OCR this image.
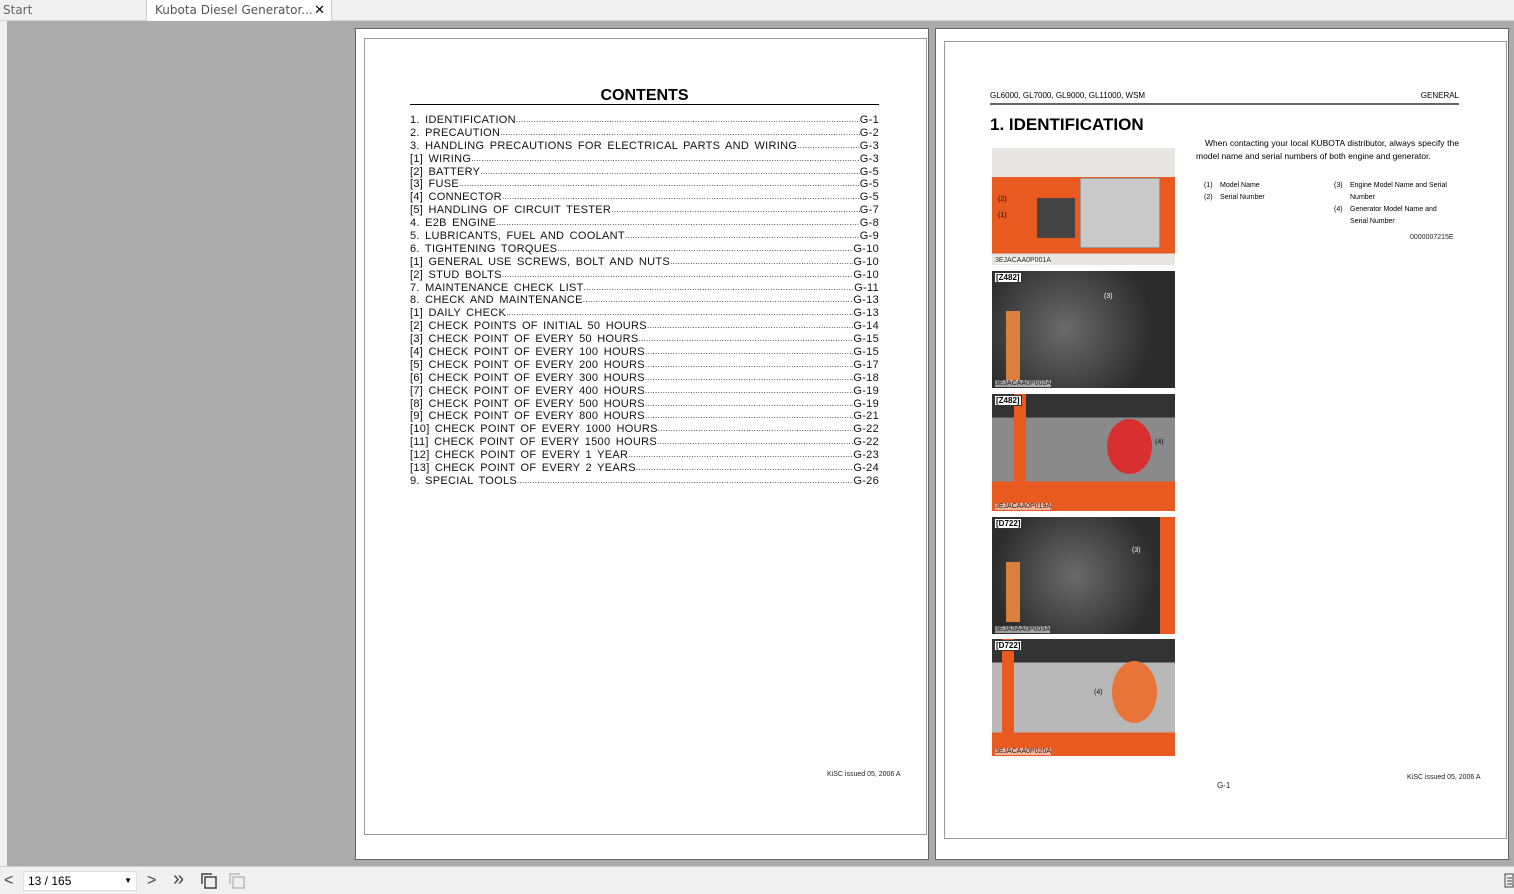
Start	Kubota Diesel Generator... ✕
CONTENTS
1. IDENTIFICATION .....	G-1
2. PRECAUTION .....	G-2
3. HANDLING PRECAUTIONS FOR ELECTRICAL PARTS AND WIRING .....	G-3
[1] WIRING .....	G-3
[2] BATTERY .....	G-5
[3] FUSE .....	G-5
[4] CONNECTOR .....	G-5
[5] HANDLING OF CIRCUIT TESTER .....	G-7
4. E2B ENGINE .....	G-8
5. LUBRICANTS, FUEL AND COOLANT .....	G-9
6. TIGHTENING TORQUES .....	G-10
[1] GENERAL USE SCREWS, BOLT AND NUTS .....	G-10
[2] STUD BOLTS .....	G-10
7. MAINTENANCE CHECK LIST .....	G-11
8. CHECK AND MAINTENANCE .....	G-13
[1] DAILY CHECK .....	G-13
[2] CHECK POINTS OF INITIAL 50 HOURS .....	G-14
[3] CHECK POINT OF EVERY 50 HOURS .....	G-15
[4] CHECK POINT OF EVERY 100 HOURS .....	G-15
[5] CHECK POINT OF EVERY 200 HOURS .....	G-17
[6] CHECK POINT OF EVERY 300 HOURS .....	G-18
[7] CHECK POINT OF EVERY 400 HOURS .....	G-19
[8] CHECK POINT OF EVERY 500 HOURS .....	G-19
[9] CHECK POINT OF EVERY 800 HOURS .....	G-21
[10] CHECK POINT OF EVERY 1000 HOURS .....	G-22
[11] CHECK POINT OF EVERY 1500 HOURS .....	G-22
[12] CHECK POINT OF EVERY 1 YEAR .....	G-23
[13] CHECK POINT OF EVERY 2 YEARS .....	G-24
9. SPECIAL TOOLS .....	G-26
KiSC issued 05, 2006 A
GL6000, GL7000, GL9000, GL11000, WSM	GENERAL
1. IDENTIFICATION
When contacting your local KUBOTA distributor, always specify the model name and serial numbers of both engine and generator.
(1) Model Name
(2) Serial Number
(3)	Engine Model Name and Serial Number
(4)	Generator Model Name and Serial Number
0000007215E
(2)
(1)
3EJACAA0P001A
[Z482]
(3)
3EJACAA0P002A
[Z482]
(4)
3EJACAA0P019A
[D722]
(3)
3EJA3AA0P003A
[D722]
(4)
3EJACAA0P020A
G-1
KiSC issued 05, 2006 A
<	13 / 165	▼ > »
